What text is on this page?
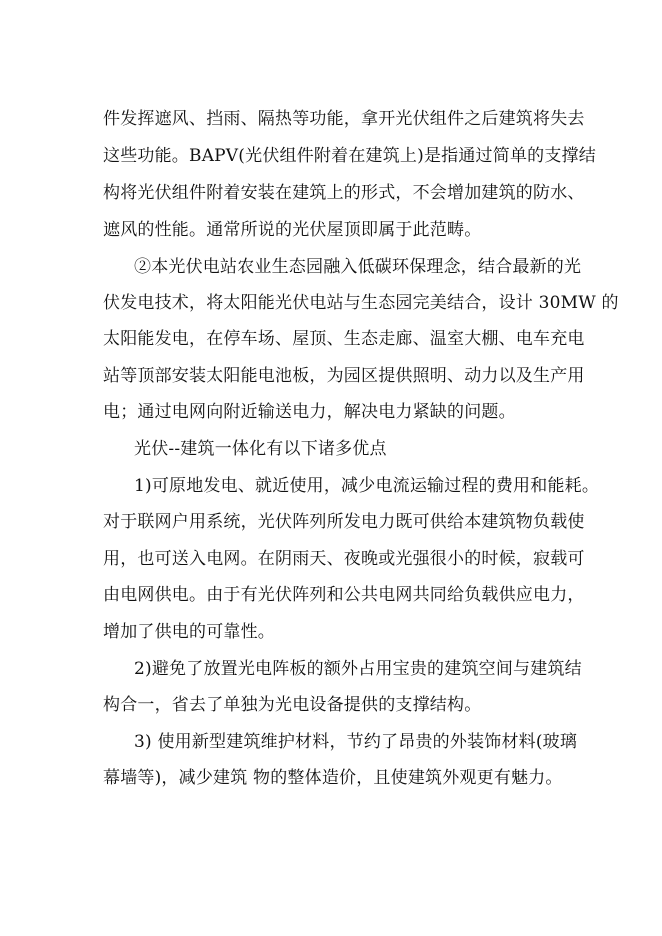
件发挥遮风、挡雨、隔热等功能，拿开光伏组件之后建筑将失去

这些功能。BAPV(光伏组件附着在建筑上)是指通过简单的支撑结

构将光伏组件附着安装在建筑上的形式，不会增加建筑的防水、

遮风的性能。通常所说的光伏屋顶即属于此范畴。

②本光伏电站农业生态园融入低碳环保理念，结合最新的光

伏发电技术，将太阳能光伏电站与生态园完美结合，设计 30MW 的

太阳能发电，在停车场、屋顶、生态走廊、温室大棚、电车充电

站等顶部安装太阳能电池板，为园区提供照明、动力以及生产用

电；通过电网向附近输送电力，解决电力紧缺的问题。

光伏--建筑一体化有以下诸多优点

1)可原地发电、就近使用，减少电流运输过程的费用和能耗。

对于联网户用系统，光伏阵列所发电力既可供给本建筑物负载使

用，也可送入电网。在阴雨天、夜晚或光强很小的时候，寂载可

由电网供电。由于有光伏阵列和公共电网共同给负载供应电力，

增加了供电的可靠性。

2)避免了放置光电阵板的额外占用宝贵的建筑空间与建筑结

构合一，省去了单独为光电设备提供的支撑结构。

3) 使用新型建筑维护材料，节约了昂贵的外装饰材料(玻璃

幕墙等)，减少建筑 物的整体造价，且使建筑外观更有魅力。
